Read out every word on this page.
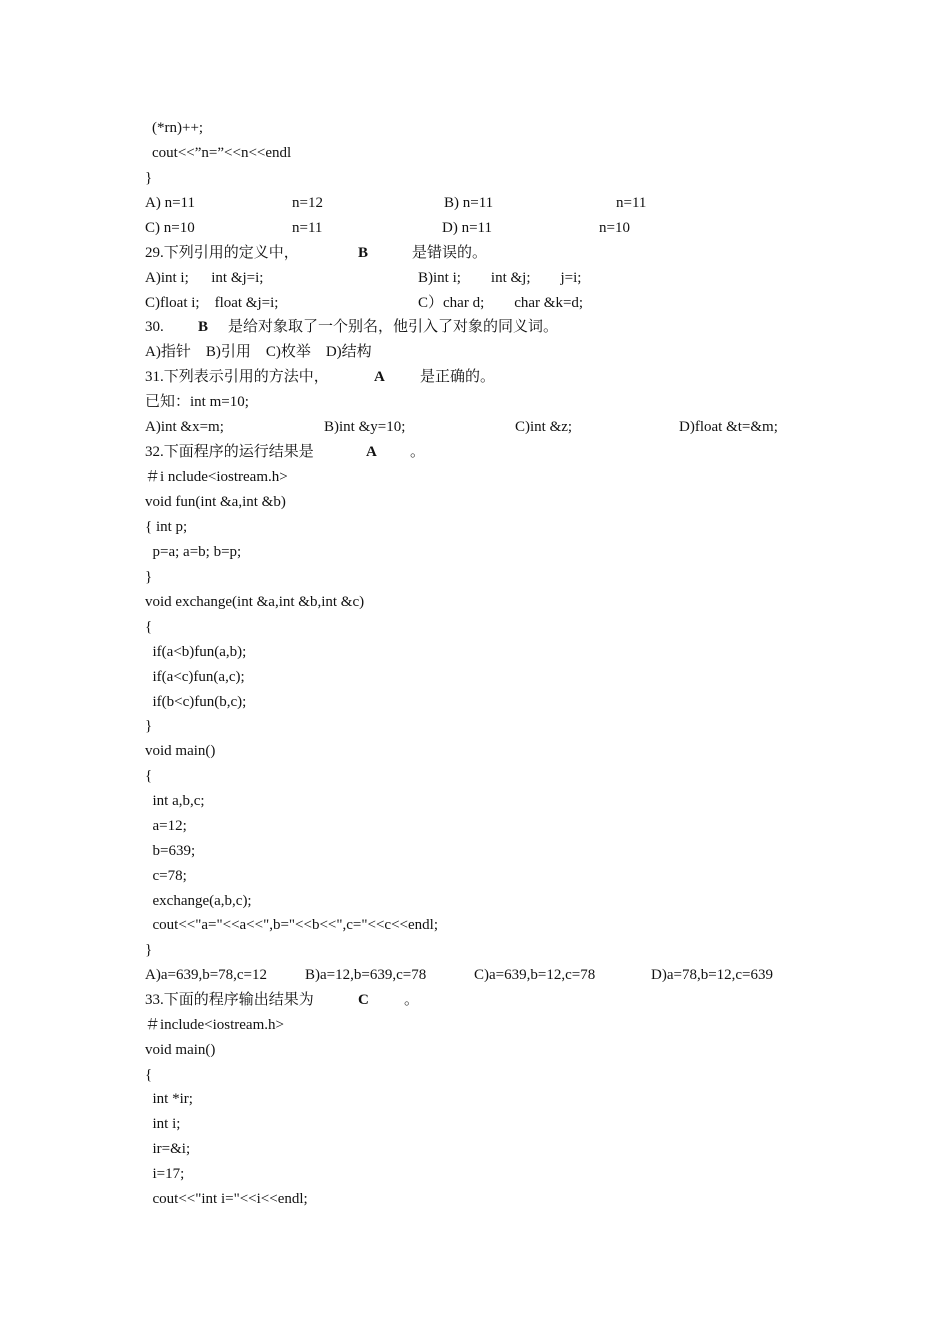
(*rn)++;
cout<<”n=”<<n<<endl
}
A) n=11	n=12	B) n=11	n=11
C) n=10	n=11	D) n=11	n=10
29.下列引用的定义中，	B	是错误的。
A)int i;      int &j=i;	B)int i;        int &j;        j=i;
C)float i;    float &j=i;	C）char d;        char &k=d;
30. B 是给对象取了一个别名，他引入了对象的同义词。
A)指针    B)引用    C)枚举    D)结构
31.下列表示引用的方法中，	A 是正确的。
已知：int m=10;
A)int &x=m;	B)int &y=10;	C)int &z;	D)float &t=&m;
32.下面程序的运行结果是	A 。
＃i nclude<iostream.h>
void fun(int &a,int &b)
{ int p;
p=a; a=b; b=p;
}
void exchange(int &a,int &b,int &c)
{
if(a<b)fun(a,b);
if(a<c)fun(a,c);
if(b<c)fun(b,c);
}
void main()
{
int a,b,c;
a=12;
b=639;
c=78;
exchange(a,b,c);
cout<<"a="<<a<<",b="<<b<<",c="<<c<<endl;
}
A)a=639,b=78,c=12	B)a=12,b=639,c=78	C)a=639,b=12,c=78	D)a=78,b=12,c=639
33.下面的程序输出结果为	C 。
＃include<iostream.h>
void main()
{
int *ir;
int i;
ir=&i;
i=17;
cout<<"int i="<<i<<endl;
